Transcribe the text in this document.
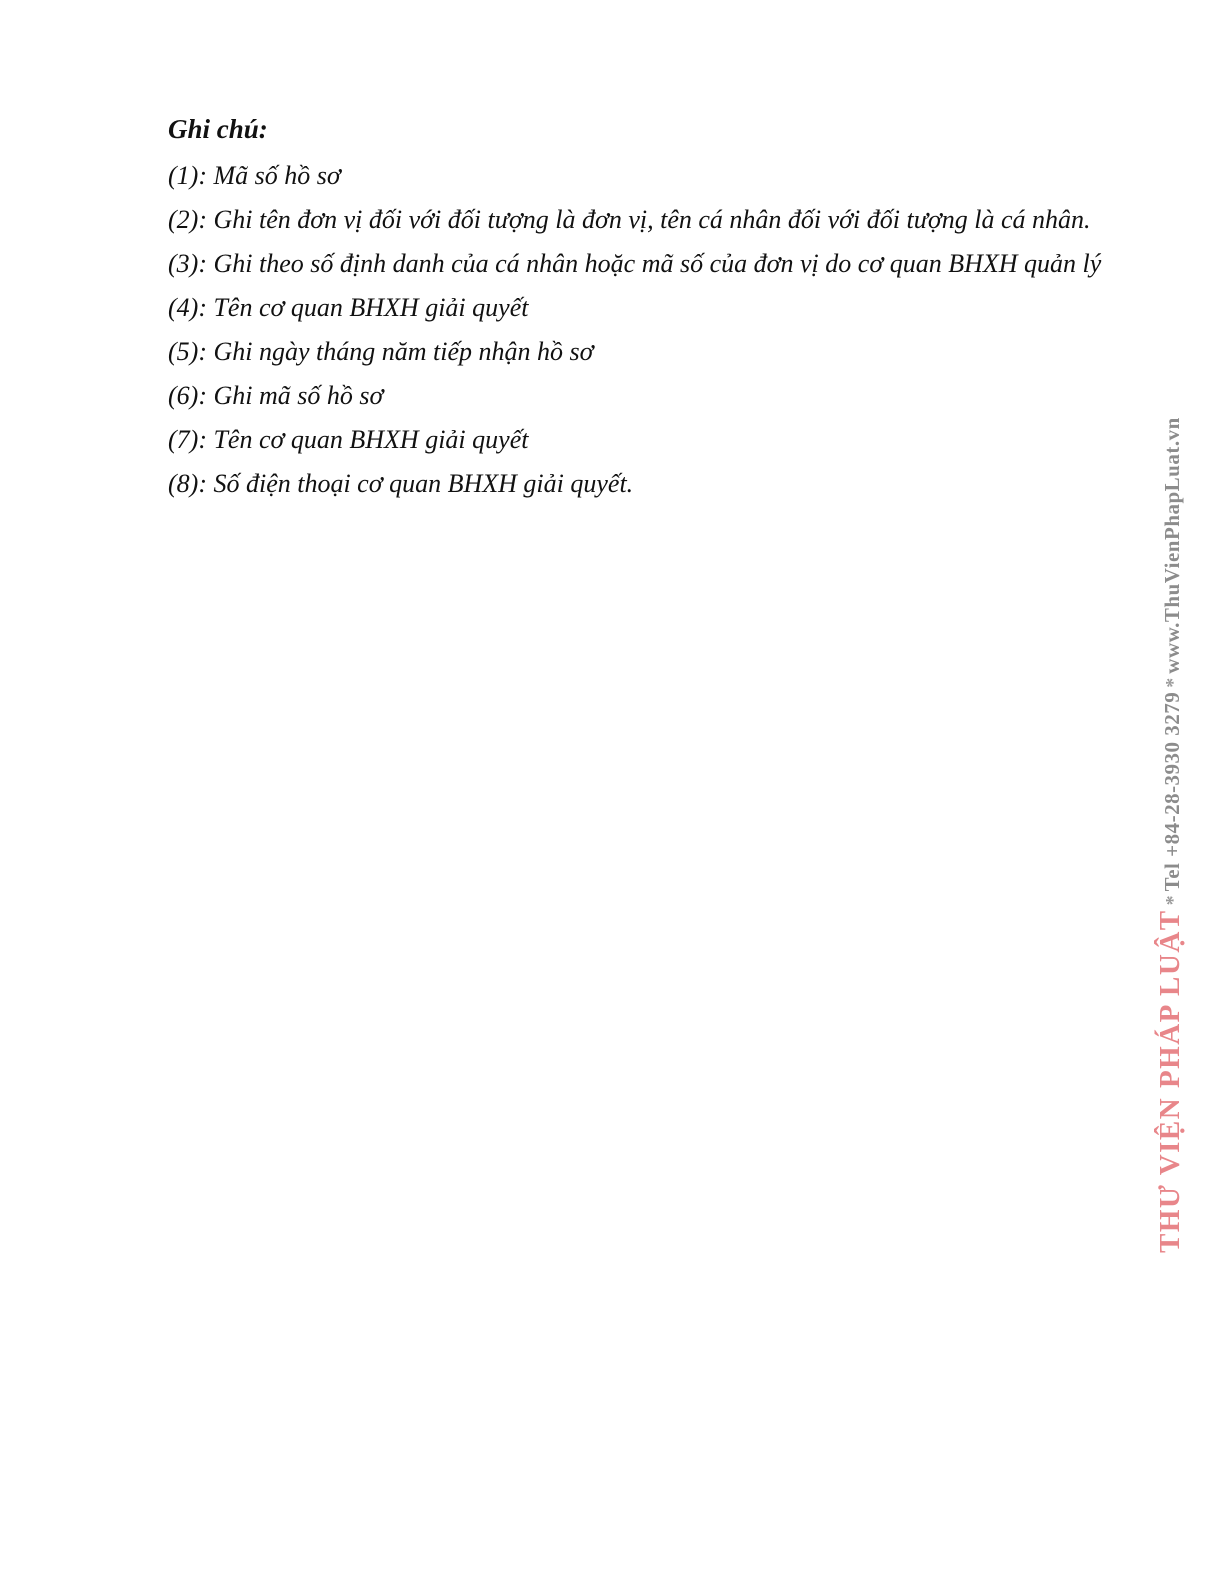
Ghi chú:
(1): Mã số hồ sơ
(2): Ghi tên đơn vị đối với đối tượng là đơn vị, tên cá nhân đối với đối tượng là cá nhân.
(3): Ghi theo số định danh của cá nhân hoặc mã số của đơn vị do cơ quan BHXH quản lý
(4): Tên cơ quan BHXH giải quyết
(5): Ghi ngày tháng năm tiếp nhận hồ sơ
(6): Ghi mã số hồ sơ
(7): Tên cơ quan BHXH giải quyết
(8): Số điện thoại cơ quan BHXH giải quyết.
THƯ VIỆN PHÁP LUẬT*Tel +84-28-3930 3279*www.ThuVienPhapLuat.vn
